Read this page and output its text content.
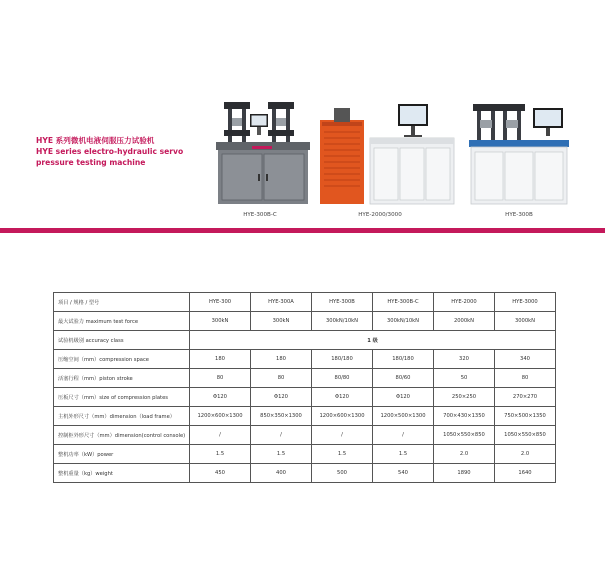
HYE 系列微机电液伺服压力试验机
HYE series electro-hydraulic servo
pressure testing machine
HYE-300B-C	HYE-2000/3000	HYE-300B
项目 / 规格 / 型号	HYE-300	HYE-300A	HYE-300B	HYE-300B-C	HYE-2000	HYE-3000
最大试验力 maximum test force	300kN	300kN	300kN/10kN	300kN/10kN	2000kN	3000kN
试验机级别 accuracy class	1 级					
压缩空间（mm）compression space	180	180	180/180	180/180	320	340
活塞行程（mm）piston stroke	80	80	80/80	80/60	50	80
压板尺寸（mm）size of compression plates	Φ120	Φ120	Φ120	Φ120	250×250	270×270
主机外形尺寸（mm）dimension（load frame）	1200×600×1300	850×350×1300	1200×600×1300	1200×500×1300	700×430×1350	750×500×1350
控制柜外形尺寸（mm）dimension(control console)	/	/	/	/	1050×550×850	1050×550×850
整机功率（kW）power	1.5	1.5	1.5	1.5	2.0	2.0
整机重量（kg）weight	450	400	500	540	1890	1640
